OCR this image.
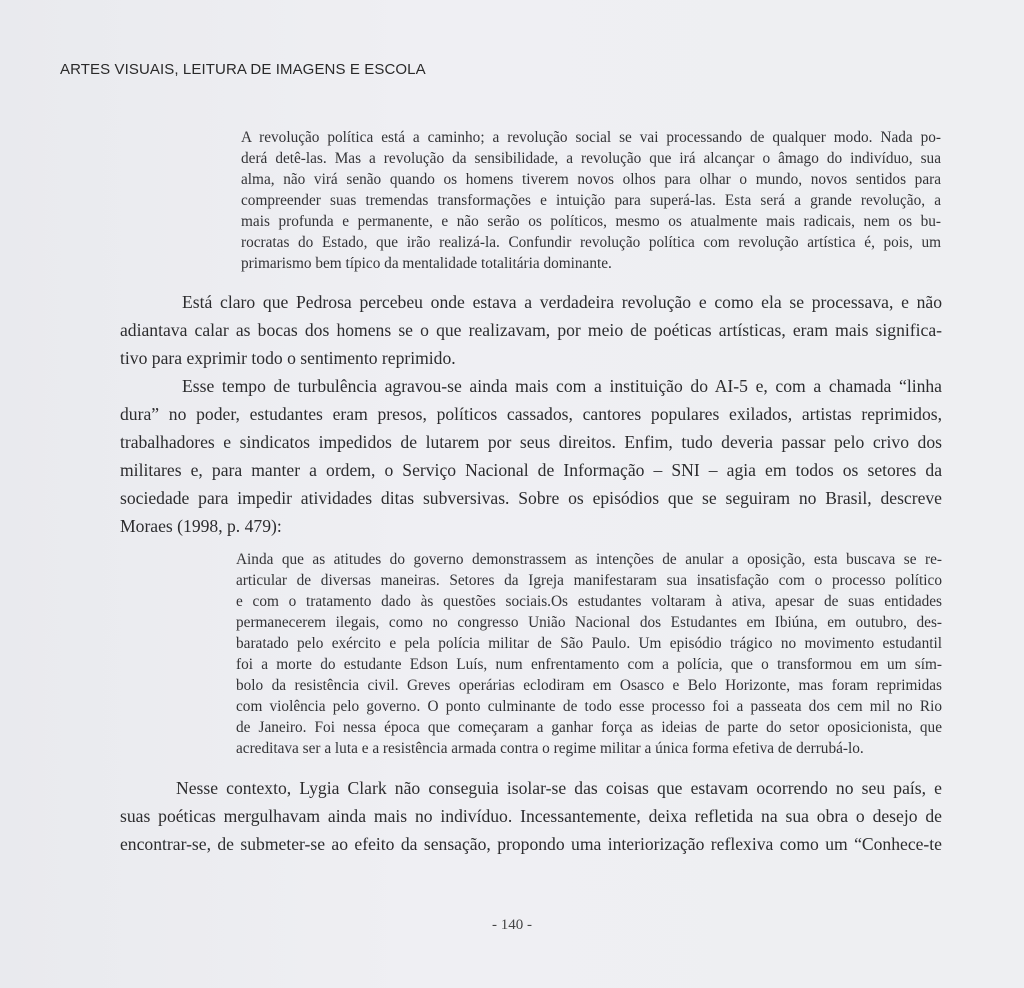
ARTES VISUAIS, LEITURA DE IMAGENS E ESCOLA

A revolução política está a caminho; a revolução social se vai processando de qualquer modo. Nada po-
derá detê-las. Mas a revolução da sensibilidade, a revolução que irá alcançar o âmago do indivíduo, sua
alma, não virá senão quando os homens tiverem novos olhos para olhar o mundo, novos sentidos para
compreender suas tremendas transformações e intuição para superá-las. Esta será a grande revolução, a
mais profunda e permanente, e não serão os políticos, mesmo os atualmente mais radicais, nem os bu-
rocratas do Estado, que irão realizá-la. Confundir revolução política com revolução artística é, pois, um
primarismo bem típico da mentalidade totalitária dominante.
Está claro que Pedrosa percebeu onde estava a verdadeira revolução e como ela se processava, e não
adiantava calar as bocas dos homens se o que realizavam, por meio de poéticas artísticas, eram mais significa-
tivo para exprimir todo o sentimento reprimido.
Esse tempo de turbulência agravou-se ainda mais com a instituição do AI-5 e, com a chamada “linha
dura” no poder, estudantes eram presos, políticos cassados, cantores populares exilados, artistas reprimidos,
trabalhadores e sindicatos impedidos de lutarem por seus direitos. Enfim, tudo deveria passar pelo crivo dos
militares e, para manter a ordem, o Serviço Nacional de Informação – SNI – agia em todos os setores da
sociedade para impedir atividades ditas subversivas. Sobre os episódios que se seguiram no Brasil, descreve
Moraes (1998, p. 479):
Ainda que as atitudes do governo demonstrassem as intenções de anular a oposição, esta buscava se re-
articular de diversas maneiras. Setores da Igreja manifestaram sua insatisfação com o processo político
e com o tratamento dado às questões sociais.Os estudantes voltaram à ativa, apesar de suas entidades
permanecerem ilegais, como no congresso União Nacional dos Estudantes em Ibiúna, em outubro, des-
baratado pelo exército e pela polícia militar de São Paulo. Um episódio trágico no movimento estudantil
foi a morte do estudante Edson Luís, num enfrentamento com a polícia, que o transformou em um sím-
bolo da resistência civil. Greves operárias eclodiram em Osasco e Belo Horizonte, mas foram reprimidas
com violência pelo governo. O ponto culminante de todo esse processo foi a passeata dos cem mil no Rio
de Janeiro. Foi nessa época que começaram a ganhar força as ideias de parte do setor oposicionista, que
acreditava ser a luta e a resistência armada contra o regime militar a única forma efetiva de derrubá-lo.
Nesse contexto, Lygia Clark não conseguia isolar-se das coisas que estavam ocorrendo no seu país, e
suas poéticas mergulhavam ainda mais no indivíduo. Incessantemente, deixa refletida na sua obra o desejo de
encontrar-se, de submeter-se ao efeito da sensação, propondo uma interiorização reflexiva como um “Conhece-te

- 140 -
